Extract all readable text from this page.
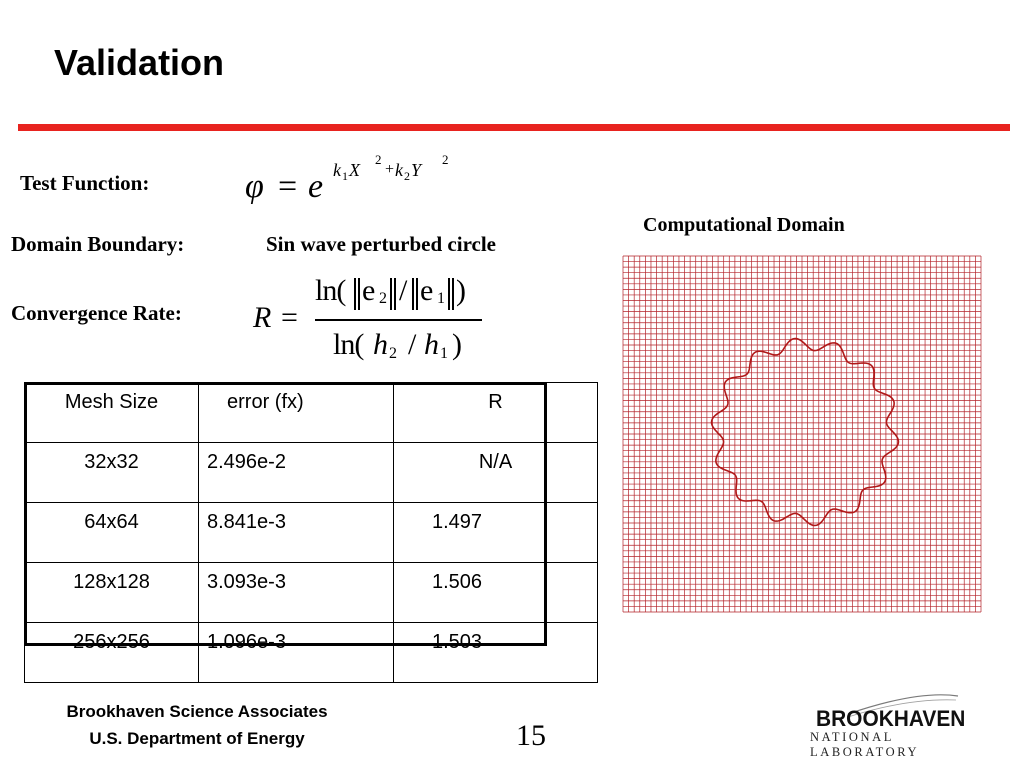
Validation
Test Function:	φ = e k 1 X
2
+ k 2 Y
2
Domain Boundary:	Sin wave perturbed circle
Convergence Rate: R =
ln( ‖ e 2 ‖ / ‖ e 1 ‖ )
ln( h 2 / h 1 )
Mesh Size	error (fx)	R
32x32	2.496e-2	N/A
64x64	8.841e-3	1.497
128x128	3.093e-3	1.506
256x256	1.096e-3	1.503
Computational Domain
Brookhaven Science Associates
U.S. Department of Energy	15
BROOKHAVEN
NATIONAL LABORATORY
